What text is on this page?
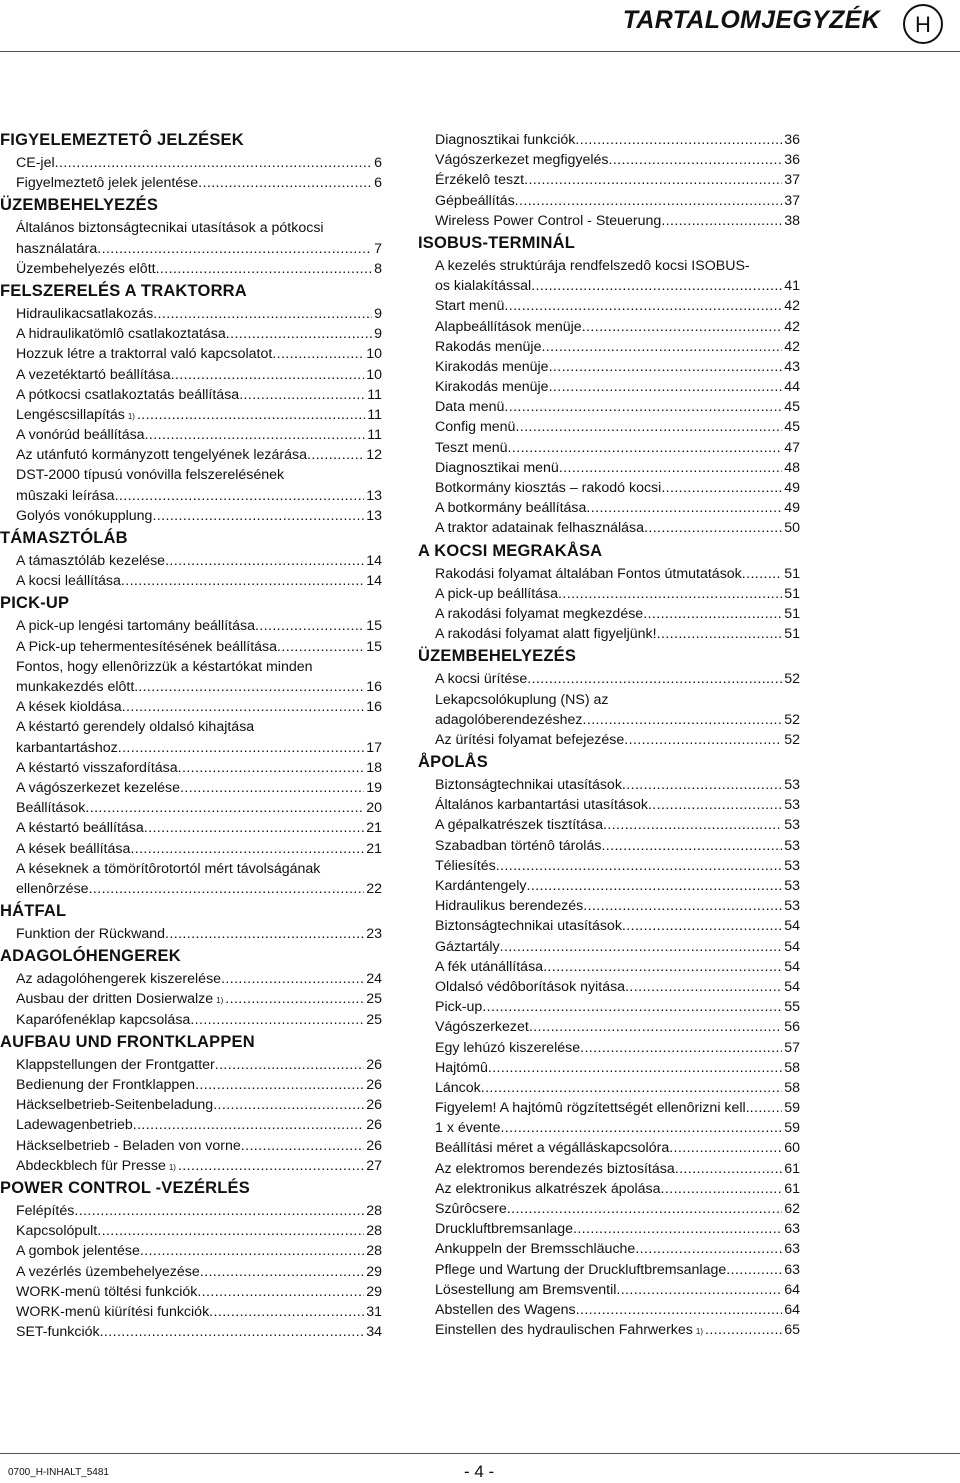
TARTALOMJEGYZÉK	H
FIGYELEMEZTETÔ JELZÉSEK
CE-jel .....	6
Figyelmeztetô jelek jelentése .....	6
ÜZEMBEHELYEZÉS
Általános biztonságtecnikai utasítások a pótkocsi
használatára .....	7
Üzembehelyezés elôtt .....	8
FELSZERELÉS A TRAKTORRA
Hidraulikacsatlakozás .....	9
A hidraulikatömlô csatlakoztatása .....	9
Hozzuk létre a traktorral való kapcsolatot .....	10
A vezetéktartó beállítása .....	10
A pótkocsi csatlakoztatás beállítása .....	11
Lengéscsillapítás 1) .....	11
A vonórúd beállítása .....	11
Az utánfutó kormányzott tengelyének lezárása .....	12
DST-2000 típusú vonóvilla felszerelésének
mûszaki leírása .....	13
Golyós vonókupplung .....	13
TÁMASZTÓLÁB
A támasztóláb kezelése .....	14
A kocsi leállítása .....	14
PICK-UP
A pick-up lengési tartomány beállítása .....	15
A Pick-up tehermentesítésének beállítása .....	15
Fontos, hogy ellenôrizzük a késtartókat minden
munkakezdés elôtt. .....	16
A kések kioldása .....	16
A késtartó gerendely oldalsó kihajtása
karbantartáshoz .....	17
A késtartó visszafordítása .....	18
A vágószerkezet kezelése .....	19
Beállítások .....	20
A késtartó beállítása .....	21
A kések beállítása .....	21
A késeknek a tömörítôrotortól mért távolságának
ellenôrzése .....	22
HÁTFAL
Funktion der Rückwand .....	23
ADAGOLÓHENGEREK
Az adagolóhengerek kiszerelése .....	24
Ausbau der dritten Dosierwalze 1) .....	25
Kaparófenéklap kapcsolása .....	25
AUFBAU UND FRONTKLAPPEN
Klappstellungen der Frontgatter .....	26
Bedienung der Frontklappen .....	26
Häckselbetrieb-Seitenbeladung .....	26
Ladewagenbetrieb .....	26
Häckselbetrieb - Beladen von vorne .....	26
Abdeckblech für Presse 1) .....	27
POWER CONTROL -VEZÉRLÉS
Felépítés .....	28
Kapcsolópult .....	28
A gombok jelentése .....	28
A vezérlés üzembehelyezése .....	29
WORK-menü töltési funkciók .....	29
WORK-menü kiürítési funkciók .....	31
SET-funkciók .....	34
Diagnosztikai funkciók .....	36
Vágószerkezet megfigyelés .....	36
Érzékelô teszt .....	37
Gépbeállítás .....	37
Wireless Power Control - Steuerung .....	38
ISOBUS-TERMINÁL
A kezelés struktúrája rendfelszedô kocsi ISOBUS-
os kialakítással .....	41
Start menü .....	42
Alapbeállítások menüje .....	42
Rakodás menüje .....	42
Kirakodás menüje .....	43
Kirakodás menüje .....	44
Data menü .....	45
Config menü .....	45
Teszt menü .....	47
Diagnosztikai menü .....	48
Botkormány kiosztás – rakodó kocsi .....	49
A botkormány beállítása .....	49
A traktor adatainak felhasználása .....	50
A KOCSI MEGRAKÅSA
Rakodási folyamat általában Fontos útmutatások .....	51
A pick-up beállítása .....	51
A rakodási folyamat megkezdése .....	51
A rakodási folyamat alatt figyeljünk! .....	51
ÜZEMBEHELYEZÉS
A kocsi ürítése .....	52
Lekapcsolókuplung (NS) az
adagolóberendezéshez .....	52
Az ürítési folyamat befejezése .....	52
ÅPOLÅS
Biztonságtechnikai utasítások .....	53
Általános karbantartási utasítások .....	53
A gépalkatrészek tisztítása .....	53
Szabadban történô tárolás .....	53
Téliesítés .....	53
Kardántengely .....	53
Hidraulikus berendezés .....	53
Biztonságtechnikai utasítások .....	54
Gáztartály .....	54
A fék utánállítása .....	54
Oldalsó védôborítások nyitása .....	54
Pick-up .....	55
Vágószerkezet .....	56
Egy lehúzó kiszerelése .....	57
Hajtómû .....	58
Láncok .....	58
Figyelem! A hajtómû rögzítettségét ellenôrizni kell. ..... 59
1 x évente .....	59
Beállítási méret a végálláskapcsolóra .....	60
Az elektromos berendezés biztosítása .....	61
Az elektronikus alkatrészek ápolása .....	61
Szûrôcsere .....	62
Druckluftbremsanlage .....	63
Ankuppeln der Bremsschläuche .....	63
Pflege und Wartung der Druckluftbremsanlage .....	63
Lösestellung am Bremsventil .....	64
Abstellen des Wagens .....	64
Einstellen des hydraulischen Fahrwerkes 1) .....	65
0700_H-INHALT_5481	- 4 -
